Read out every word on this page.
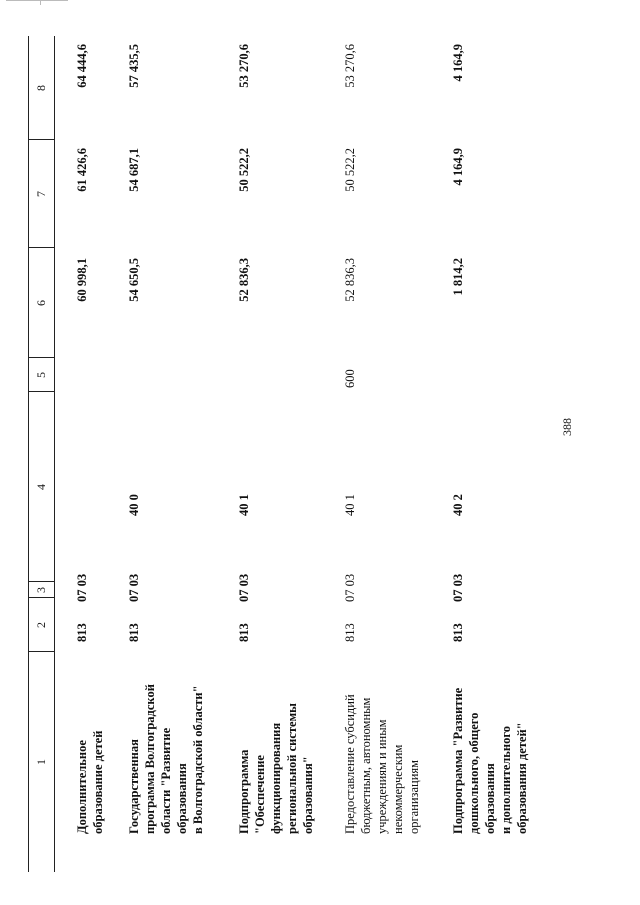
388
1
2
3
4
5
6
7
8
Дополнительное образование детей
813
07 03
60 998,1
61 426,6
64 444,6
Государственная программа Волгоградской области "Развитие образования в Волгоградской области"
813
07 03
40 0
54 650,5
54 687,1
57 435,5
Подпрограмма "Обеспечение функционирования региональной системы образования"
813
07 03
40 1
52 836,3
50 522,2
53 270,6
Предоставление субсидий бюджетным, автономным учреждениям и иным некоммерческим организациям
813
07 03
40 1
600
52 836,3
50 522,2
53 270,6
Подпрограмма "Развитие дошкольного, общего образования и дополнительного образования детей"
813
07 03
40 2
1 814,2
4 164,9
4 164,9
